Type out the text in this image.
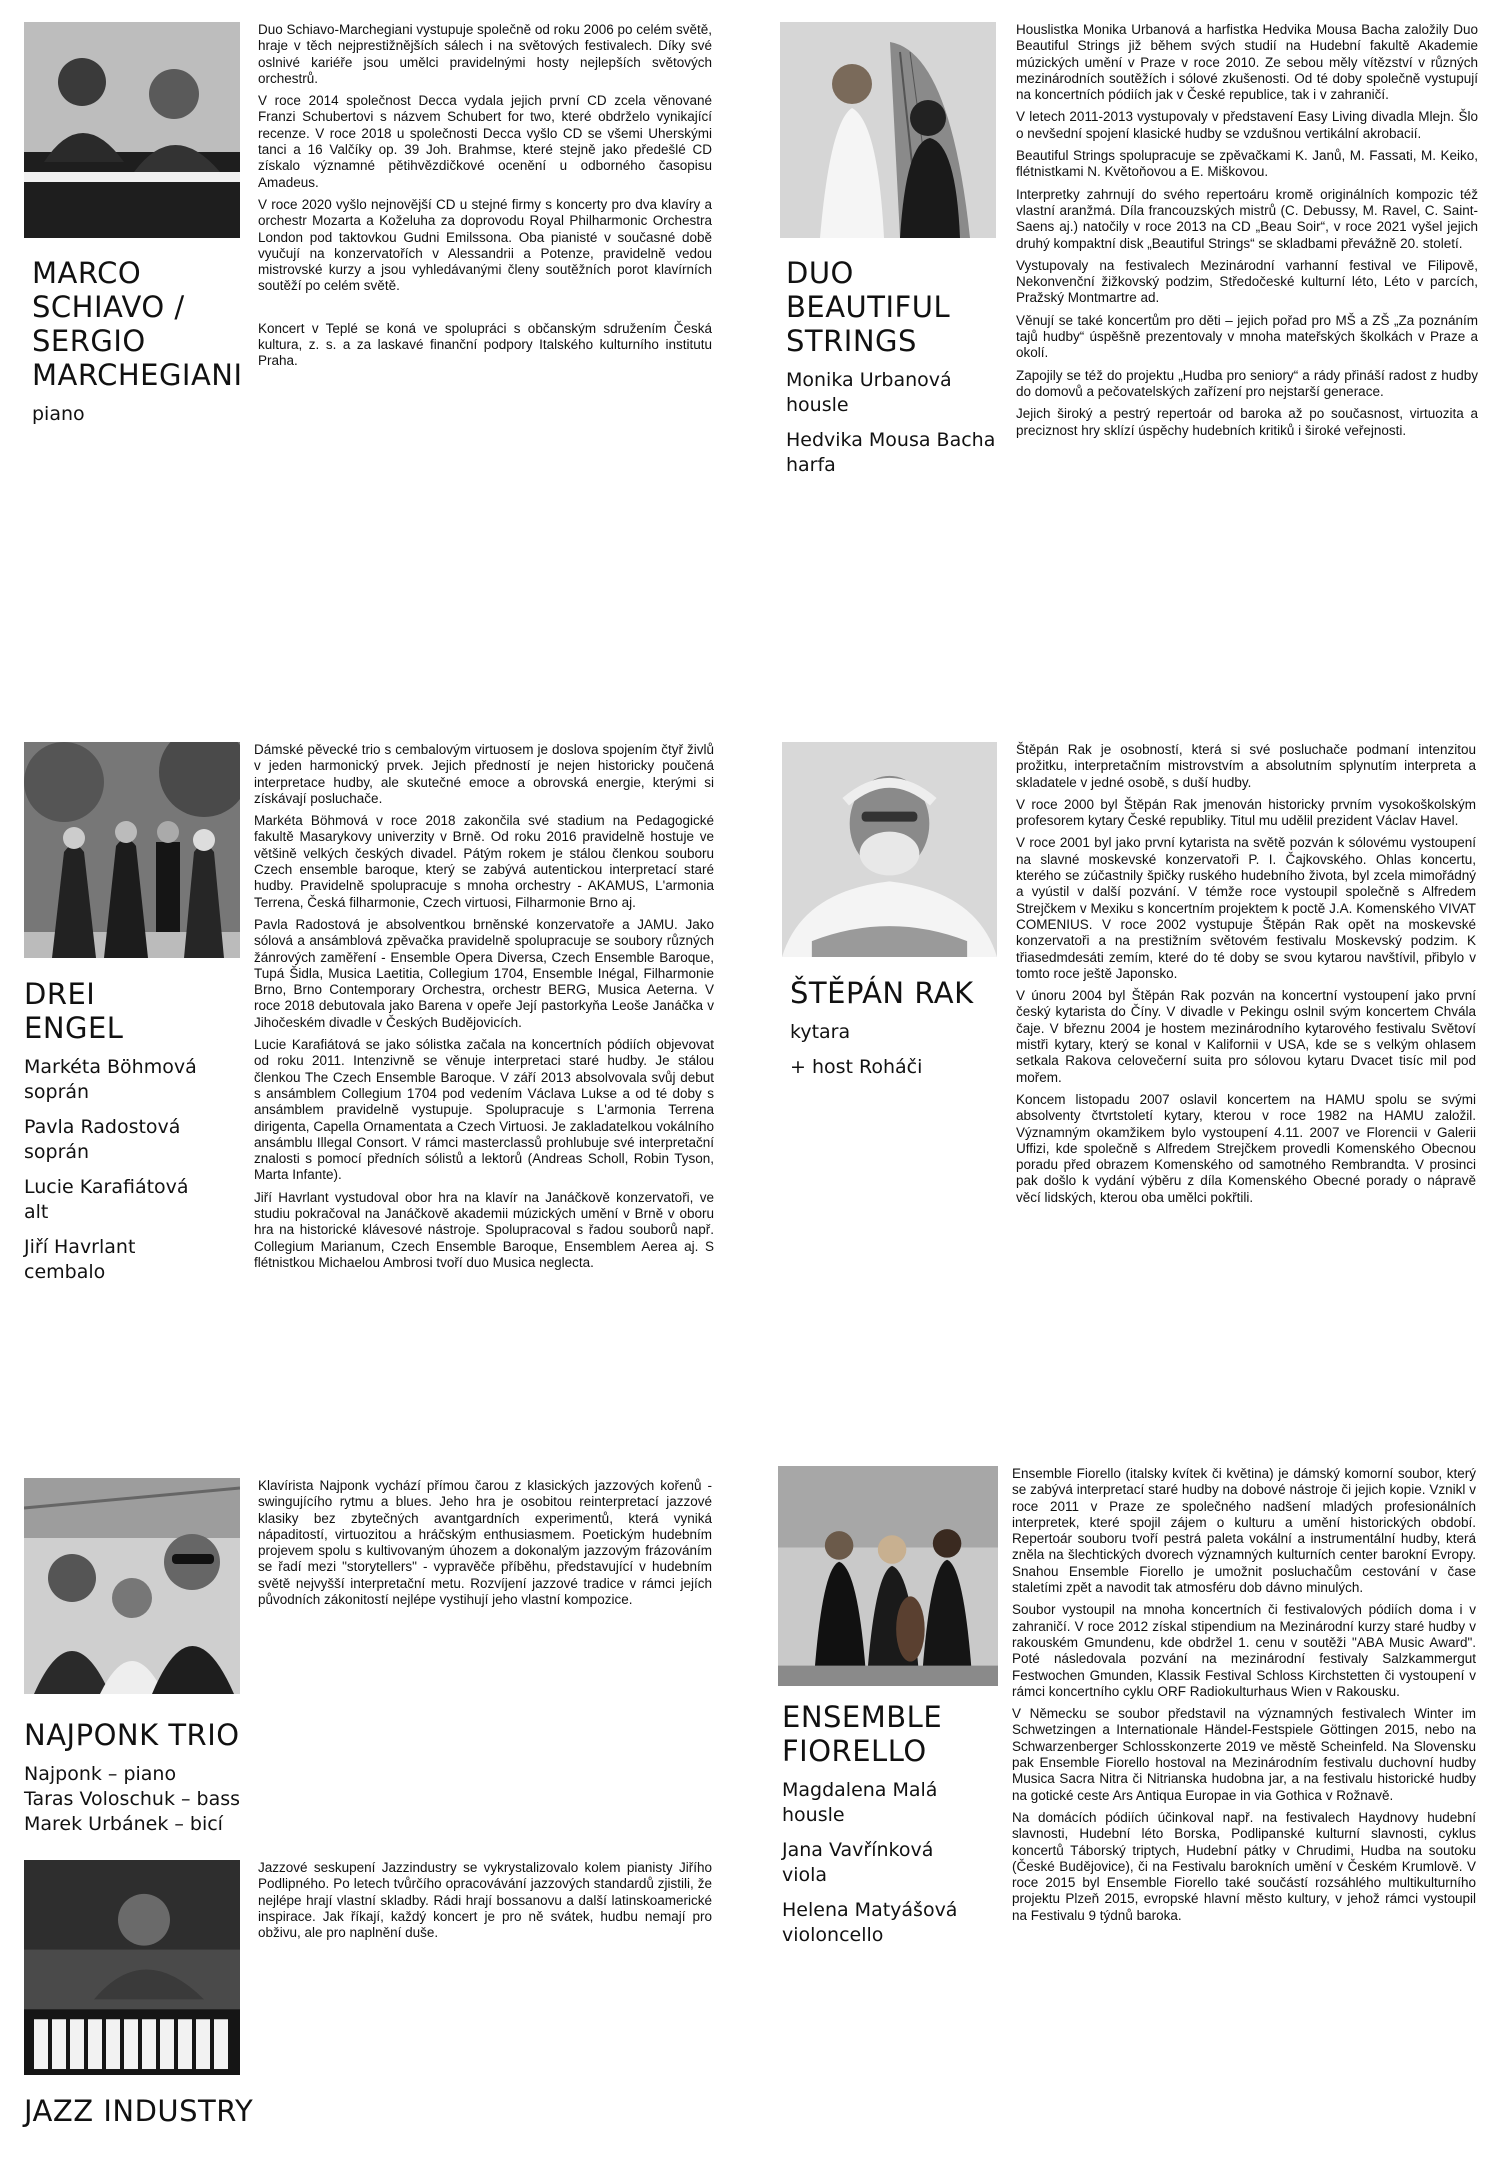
MARCO
SCHIAVO /
SERGIO
MARCHEGIANI
piano

Duo Schiavo-Marchegiani vystupuje společně od roku 2006 po celém světě, hraje v těch nejprestižnějších sálech i na světových festivalech. Díky své oslnivé kariéře jsou umělci pravidelnými hosty nejlepších světových orchestrů.

V roce 2014 společnost Decca vydala jejich první CD zcela věnované Franzi Schubertovi s názvem Schubert for two, které obdrželo vynikající recenze. V roce 2018 u společnosti Decca vyšlo CD se všemi Uherskými tanci a 16 Valčíky op. 39 Joh. Brahmse, které stejně jako předešlé CD získalo významné pětihvězdičkové ocenění u odborného časopisu Amadeus.

V roce 2020 vyšlo nejnovější CD u stejné firmy s koncerty pro dva klavíry a orchestr Mozarta a Koželuha za doprovodu Royal Philharmonic Orchestra London pod taktovkou Gudni Emilssona. Oba pianisté v současné době vyučují na konzervatořích v Alessandrii a Potenze, pravidelně vedou mistrovské kurzy a jsou vyhledávanými členy soutěžních porot klavírních soutěží po celém světě.

Koncert v Teplé se koná ve spolupráci s občanským sdružením Česká kultura, z. s. a za laskavé finanční podpory Italského kulturního institutu Praha.

DUO
BEAUTIFUL
STRINGS
Monika Urbanová
housle
Hedvika Mousa Bacha
harfa

Houslistka Monika Urbanová a harfistka Hedvika Mousa Bacha založily Duo Beautiful Strings již během svých studií na Hudební fakultě Akademie múzických umění v Praze v roce 2010. Ze sebou měly vítězství v různých mezinárodních soutěžích i sólové zkušenosti. Od té doby společně vystupují na koncertních pódiích jak v České republice, tak i v zahraničí.

V letech 2011-2013 vystupovaly v představení Easy Living divadla Mlejn. Šlo o nevšední spojení klasické hudby se vzdušnou vertikální akrobacií.

Beautiful Strings spolupracuje se zpěvačkami K. Janů, M. Fassati, M. Keiko, flétnistkami N. Květoňovou a E. Miškovou.

Interpretky zahrnují do svého repertoáru kromě originálních kompozic též vlastní aranžmá. Díla francouzských mistrů (C. Debussy, M. Ravel, C. Saint-Saens aj.) natočily v roce 2013 na CD „Beau Soir“, v roce 2021 vyšel jejich druhý kompaktní disk „Beautiful Strings“ se skladbami převážně 20. století.

Vystupovaly na festivalech Mezinárodní varhanní festival ve Filipově, Nekonvenční žižkovský podzim, Středočeské kulturní léto, Léto v parcích, Pražský Montmartre ad.

Věnují se také koncertům pro děti – jejich pořad pro MŠ a ZŠ „Za poznáním tajů hudby“ úspěšně prezentovaly v mnoha mateřských školkách v Praze a okolí.

Zapojily se též do projektu „Hudba pro seniory“ a rády přináší radost z hudby do domovů a pečovatelských zařízení pro nejstarší generace.

Jejich široký a pestrý repertoár od baroka až po současnost, virtuozita a preciznost hry sklízí úspěchy hudebních kritiků i široké veřejnosti.

DREI
ENGEL
Markéta Böhmová
soprán
Pavla Radostová
soprán
Lucie Karafiátová
alt
Jiří Havrlant
cembalo

Dámské pěvecké trio s cembalovým virtuosem je doslova spojením čtyř živlů v jeden harmonický prvek. Jejich předností je nejen historicky poučená interpretace hudby, ale skutečné emoce a obrovská energie, kterými si získávají posluchače.

Markéta Böhmová v roce 2018 zakončila své stadium na Pedagogické fakultě Masarykovy univerzity v Brně. Od roku 2016 pravidelně hostuje ve většině velkých českých divadel. Pátým rokem je stálou členkou souboru Czech ensemble baroque, který se zabývá autentickou interpretací staré hudby. Pravidelně spolupracuje s mnoha orchestry - AKAMUS, L'armonia Terrena, Česká filharmonie, Czech virtuosi, Filharmonie Brno aj.

Pavla Radostová je absolventkou brněnské konzervatoře a JAMU. Jako sólová a ansámblová zpěvačka pravidelně spolupracuje se soubory různých žánrových zaměření - Ensemble Opera Diversa, Czech Ensemble Baroque, Tupá Šidla, Musica Laetitia, Collegium 1704, Ensemble Inégal, Filharmonie Brno, Brno Contemporary Orchestra, orchestr BERG, Musica Aeterna. V roce 2018 debutovala jako Barena v opeře Její pastorkyňa Leoše Janáčka v Jihočeském divadle v Českých Budějovicích.

Lucie Karafiátová se jako sólistka začala na koncertních pódiích objevovat od roku 2011. Intenzivně se věnuje interpretaci staré hudby. Je stálou členkou The Czech Ensemble Baroque. V září 2013 absolvovala svůj debut s ansámblem Collegium 1704 pod vedením Václava Lukse a od té doby s ansámblem pravidelně vystupuje. Spolupracuje s L'armonia Terrena dirigenta, Capella Ornamentata a Czech Virtuosi. Je zakladatelkou vokálního ansámblu Illegal Consort. V rámci masterclassů prohlubuje své interpretační znalosti s pomocí předních sólistů a lektorů (Andreas Scholl, Robin Tyson, Marta Infante).

Jiří Havrlant vystudoval obor hra na klavír na Janáčkově konzervatoři, ve studiu pokračoval na Janáčkově akademii múzických umění v Brně v oboru hra na historické klávesové nástroje. Spolupracoval s řadou souborů např. Collegium Marianum, Czech Ensemble Baroque, Ensemblem Aerea aj. S flétnistkou Michaelou Ambrosi tvoří duo Musica neglecta.

ŠTĚPÁN RAK
kytara
+ host Roháči

Štěpán Rak je osobností, která si své posluchače podmaní intenzitou prožitku, interpretačním mistrovstvím a absolutním splynutím interpreta a skladatele v jedné osobě, s duší hudby.

V roce 2000 byl Štěpán Rak jmenován historicky prvním vysokoškolským profesorem kytary České republiky. Titul mu udělil prezident Václav Havel.

V roce 2001 byl jako první kytarista na světě pozván k sólovému vystoupení na slavné moskevské konzervatoři P. I. Čajkovského. Ohlas koncertu, kterého se zúčastnily špičky ruského hudebního života, byl zcela mimořádný a vyústil v další pozvání. V témže roce vystoupil společně s Alfredem Strejčkem v Mexiku s koncertním projektem k poctě J.A. Komenského VIVAT COMENIUS. V roce 2002 vystupuje Štěpán Rak opět na moskevské konzervatoři a na prestižním světovém festivalu Moskevský podzim. K třiasedmdesáti zemím, které do té doby se svou kytarou navštívil, přibylo v tomto roce ještě Japonsko.

V únoru 2004 byl Štěpán Rak pozván na koncertní vystoupení jako první český kytarista do Číny. V divadle v Pekingu oslnil svým koncertem Chvála čaje. V březnu 2004 je hostem mezinárodního kytarového festivalu Světoví mistři kytary, který se konal v Kalifornii v USA, kde se s velkým ohlasem setkala Rakova celovečerní suita pro sólovou kytaru Dvacet tisíc mil pod mořem.

Koncem listopadu 2007 oslavil koncertem na HAMU spolu se svými absolventy čtvrtstoletí kytary, kterou v roce 1982 na HAMU založil. Významným okamžikem bylo vystoupení 4.11. 2007 ve Florencii v Galerii Uffizi, kde společně s Alfredem Strejčkem provedli Komenského Obecnou poradu před obrazem Komenského od samotného Rembrandta. V prosinci pak došlo k vydání výběru z díla Komenského Obecné porady o nápravě věcí lidských, kterou oba umělci pokřtili.

NAJPONK TRIO
Najponk – piano
Taras Voloschuk – bass
Marek Urbánek – bicí

Klavírista Najponk vychází přímou čarou z klasických jazzových kořenů - swingujícího rytmu a blues. Jeho hra je osobitou reinterpretací jazzové klasiky bez zbytečných avantgardních experimentů, která vyniká nápaditostí, virtuozitou a hráčským enthusiasmem. Poetickým hudebním projevem spolu s kultivovaným úhozem a dokonalým jazzovým frázováním se řadí mezi "storytellers" - vypravěče příběhu, představující v hudebním světě nejvyšší interpretační metu. Rozvíjení jazzové tradice v rámci jejích původních zákonitostí nejlépe vystihují jeho vlastní kompozice.

JAZZ INDUSTRY

Jazzové seskupení Jazzindustry se vykrystalizovalo kolem pianisty Jiřího Podlipného. Po letech tvůrčího opracovávání jazzových standardů zjistili, že nejlépe hrají vlastní skladby. Rádi hrají bossanovu a další latinskoamerické inspirace. Jak říkají, každý koncert je pro ně svátek, hudbu nemají pro obživu, ale pro naplnění duše.

ENSEMBLE
FIORELLO
Magdalena Malá
housle
Jana Vavřínková
viola
Helena Matyášová
violoncello

Ensemble Fiorello (italsky kvítek či květina) je dámský komorní soubor, který se zabývá interpretací staré hudby na dobové nástroje či jejich kopie. Vznikl v roce 2011 v Praze ze společného nadšení mladých profesionálních interpretek, které spojil zájem o kulturu a umění historických období. Repertoár souboru tvoří pestrá paleta vokální a instrumentální hudby, která zněla na šlechtických dvorech významných kulturních center barokní Evropy. Snahou Ensemble Fiorello je umožnit posluchačům cestování v čase staletími zpět a navodit tak atmosféru dob dávno minulých.

Soubor vystoupil na mnoha koncertních či festivalových pódiích doma i v zahraničí. V roce 2012 získal stipendium na Mezinárodní kurzy staré hudby v rakouském Gmundenu, kde obdržel 1. cenu v soutěži "ABA Music Award". Poté následovala pozvání na mezinárodní festivaly Salzkammergut Festwochen Gmunden, Klassik Festival Schloss Kirchstetten či vystoupení v rámci koncertního cyklu ORF Radiokulturhaus Wien v Rakousku.

V Německu se soubor představil na významných festivalech Winter im Schwetzingen a Internationale Händel-Festspiele Göttingen 2015, nebo na Schwarzenberger Schlosskonzerte 2019 ve městě Scheinfeld. Na Slovensku pak Ensemble Fiorello hostoval na Mezinárodním festivalu duchovní hudby Musica Sacra Nitra či Nitrianska hudobna jar, a na festivalu historické hudby na gotické ceste Ars Antiqua Europae in via Gothica v Rožnavě.

Na domácích pódiích účinkoval např. na festivalech Haydnovy hudební slavnosti, Hudební léto Borska, Podlipanské kulturní slavnosti, cyklus koncertů Táborský triptych, Hudební pátky v Chrudimi, Hudba na soutoku (České Budějovice), či na Festivalu barokních umění v Českém Krumlově. V roce 2015 byl Ensemble Fiorello také součástí rozsáhlého multikulturního projektu Plzeň 2015, evropské hlavní město kultury, v jehož rámci vystoupil na Festivalu 9 týdnů baroka.
